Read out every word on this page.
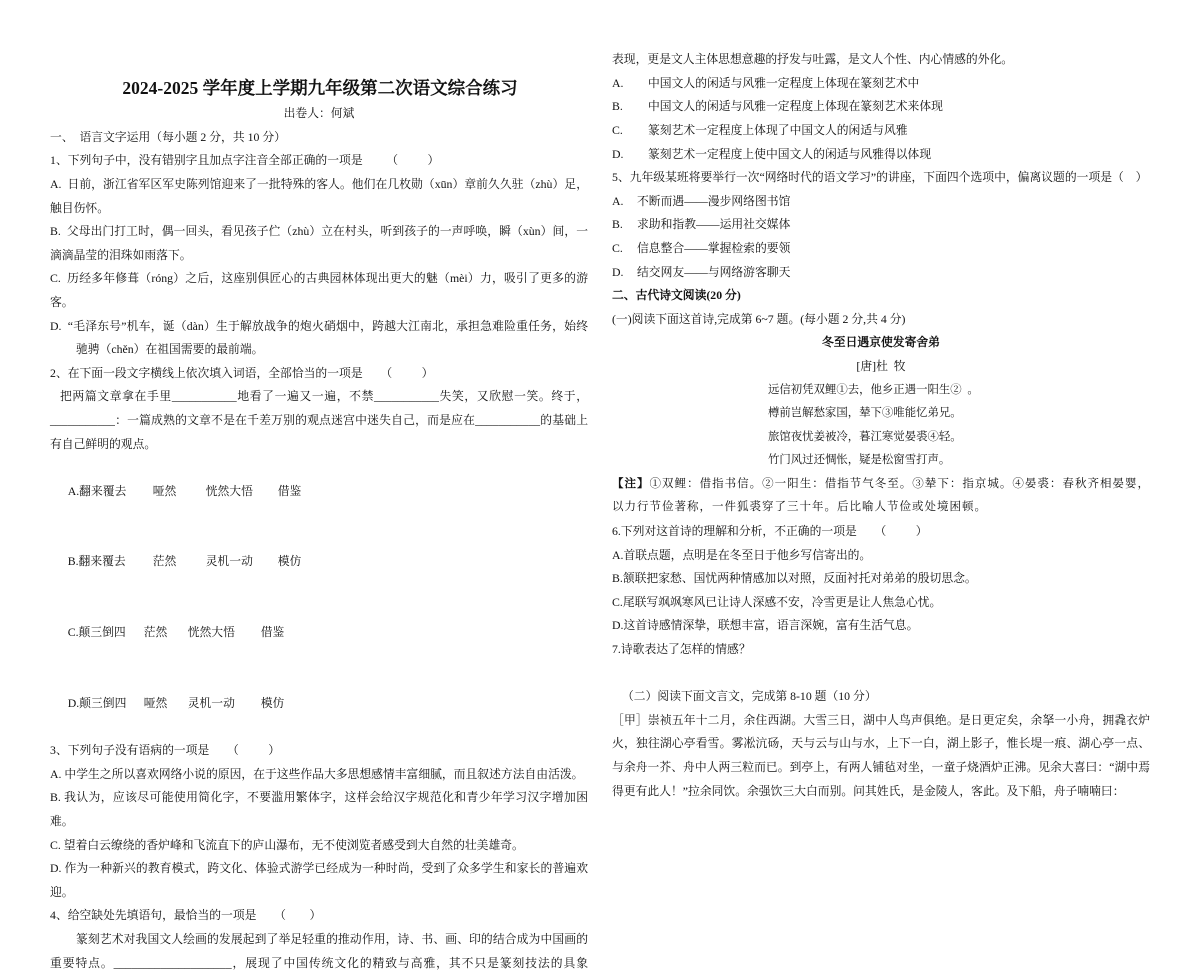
2024-2025 学年度上学期九年级第二次语文综合练习

出卷人：何斌

一、  语言文字运用（每小题 2 分，共 10 分）

1、下列句子中，没有错别字且加点字注音全部正确的一项是        （          ）

A.  日前，浙江省军区军史陈列馆迎来了一批特殊的客人。他们在几枚勋（xūn）章前久久驻（zhù）足，触目伤怀。

B.  父母出门打工时，偶一回头，看见孩子伫（zhù）立在村头，听到孩子的一声呼唤，瞬（xùn）间，一滴滴晶莹的泪珠如雨落下。

C.  历经多年修葺（róng）之后，这座别俱匠心的古典园林体现出更大的魅（mèi）力，吸引了更多的游客。

D.  “毛泽东号”机车，诞（dàn）生于解放战争的炮火硝烟中，跨越大江南北，承担急难险重任务，始终驰骋（chěn）在祖国需要的最前端。

2、在下面一段文字横线上依次填入词语，全部恰当的一项是      （          ）

把两篇文章拿在手里___________地看了一遍又一遍，不禁___________失笑，又欣慰一笑。终于，___________：一篇成熟的文章不是在千差万别的观点迷宫中迷失自己，而是应在___________的基础上有自己鲜明的观点。

A.翻来覆去 哑然 恍然大悟 借鉴

B.翻来覆去 茫然 灵机一动 模仿

C.颠三倒四 茫然 恍然大悟 借鉴

D.颠三倒四 哑然 灵机一动 模仿

3、下列句子没有语病的一项是      （          ）

A. 中学生之所以喜欢网络小说的原因，在于这些作品大多思想感情丰富细腻，而且叙述方法自由活泼。

B. 我认为，应该尽可能使用简化字，不要滥用繁体字，这样会给汉字规范化和青少年学习汉字增加困难。

C. 望着白云缭绕的香炉峰和飞流直下的庐山瀑布，无不使浏览者感受到大自然的壮美雄奇。

D. 作为一种新兴的教育模式，跨文化、体验式游学已经成为一种时尚，受到了众多学生和家长的普遍欢迎。

4、给空缺处先填语句，最恰当的一项是      （        ）

篆刻艺术对我国文人绘画的发展起到了举足轻重的推动作用，诗、书、画、印的结合成为中国画的重要特点。____________________，展现了中国传统文化的精致与高雅，其不只是篆刻技法的具象

表现，更是文人主体思想意趣的抒发与吐露，是文人个性、内心情感的外化。

A. 中国文人的闲适与风雅一定程度上体现在篆刻艺术中

B. 中国文人的闲适与风雅一定程度上体现在篆刻艺术来体现

C. 篆刻艺术一定程度上体现了中国文人的闲适与风雅

D. 篆刻艺术一定程度上使中国文人的闲适与风雅得以体现

5、九年级某班将要举行一次“网络时代的语文学习”的讲座，下面四个选项中，偏离议题的一项是（    ）

A. 不断而遇——漫步网络图书馆

B. 求助和指教——运用社交媒体

C. 信息整合——掌握检索的要领

D. 结交网友——与网络游客聊天

二、古代诗文阅读(20 分)

(一)阅读下面这首诗,完成第 6~7 题。(每小题 2 分,共 4 分)

冬至日遇京使发寄舍弟

[唐]杜  牧

远信初凭双鲤①去，他乡正遇一阳生②  。

樽前岂解愁家国，辇下③唯能忆弟兄。

旅馆夜忧姜被冷，暮江寒觉晏裘④轻。

竹门风过还惆怅，疑是松窗雪打声。

【注】①双鲤：借指书信。②一阳生：借指节气冬至。③辇下：指京城。④晏裘：春秋齐相晏婴，以力行节俭著称，一件狐裘穿了三十年。后比喻人节俭或处境困顿。

6.下列对这首诗的理解和分析，不正确的一项是      （          ）

A.首联点题，点明是在冬至日于他乡写信寄出的。

B.颔联把家愁、国忧两种情感加以对照，反面衬托对弟弟的殷切思念。

C.尾联写飒飒寒风已让诗人深感不安，冷雪更是让人焦急心忧。

D.这首诗感情深挚，联想丰富，语言深婉，富有生活气息。

7.诗歌表达了怎样的情感？

（二）阅读下面文言文，完成第 8-10 题（10 分）

［甲］崇祯五年十二月，余住西湖。大雪三日，湖中人鸟声俱绝。是日更定矣，余拏一小舟，拥毳衣炉火，独往湖心亭看雪。雾凇沆砀，天与云与山与水，上下一白，湖上影子，惟长堤一痕、湖心亭一点、与余舟一芥、舟中人两三粒而已。到亭上，有两人铺毡对坐，一童子烧酒炉正沸。见余大喜曰：“湖中焉得更有此人！”拉余同饮。余强饮三大白而别。问其姓氏，是金陵人，客此。及下船，舟子喃喃曰：
